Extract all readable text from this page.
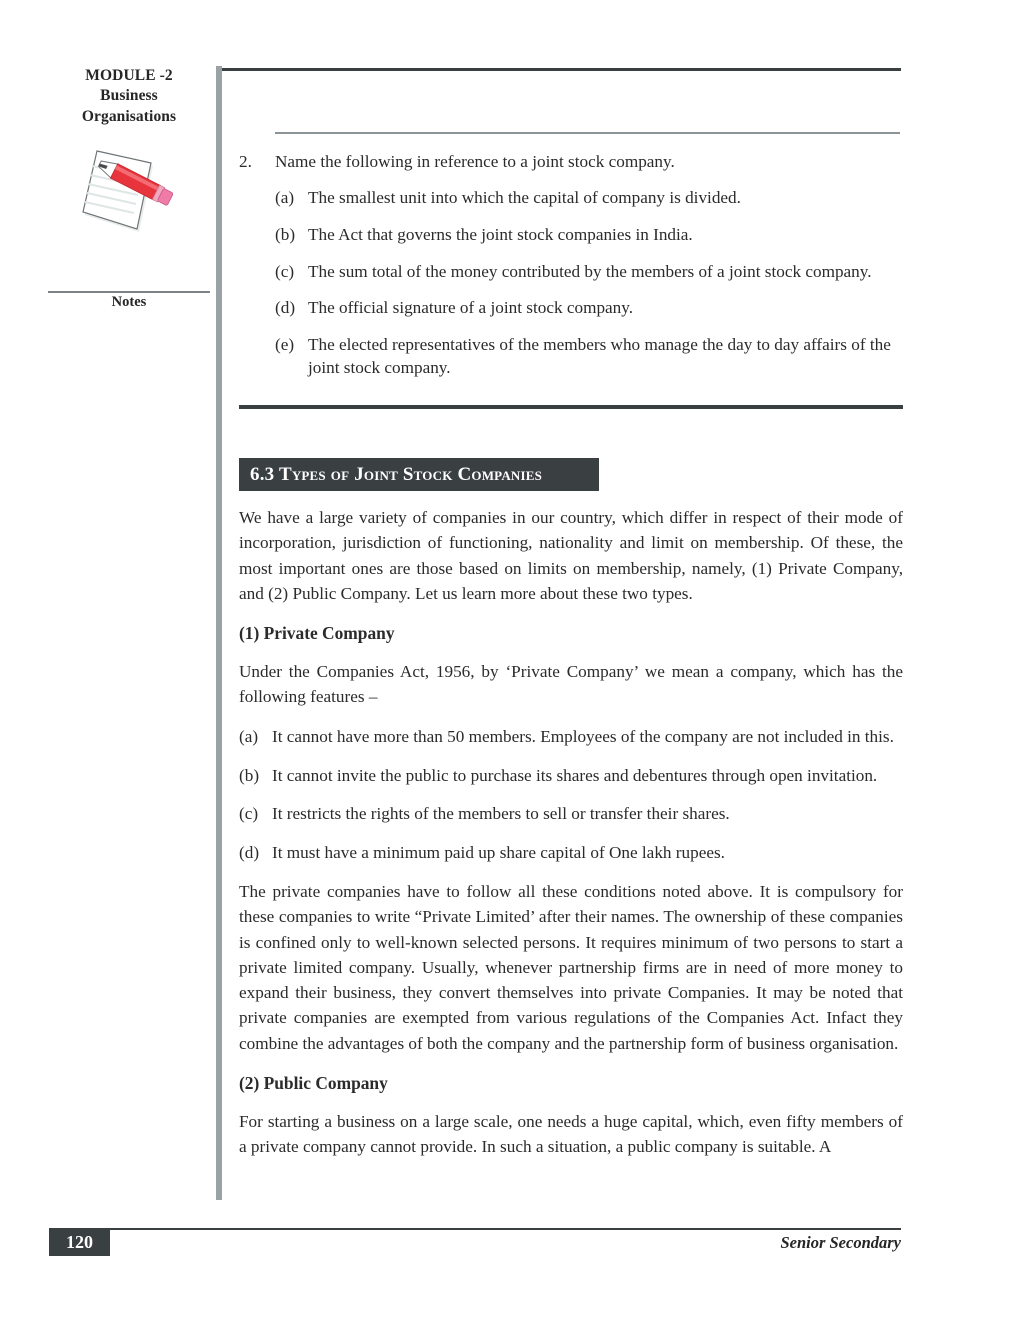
MODULE -2
Business
Organisations
Notes
2.	Name the following in reference to a joint stock company.
(a) The smallest unit into which the capital of company is divided.
(b) The Act that governs the joint stock companies in India.
(c) The sum total of the money contributed by the members of a joint stock company.
(d) The official signature of a joint stock company.
(e) The elected representatives of the members who manage the day to day affairs of the joint stock company.
6.3 Types of Joint Stock Companies

We have a large variety of companies in our country, which differ in respect of their mode of incorporation, jurisdiction of functioning, nationality and limit on membership. Of these, the most important ones are those based on limits on membership, namely, (1) Private Company, and (2) Public Company. Let us learn more about these two types.

(1) Private Company

Under the Companies Act, 1956, by ‘Private Company’ we mean a company, which has the following features –

(a) It cannot have more than 50 members. Employees of the company are not included in this.
(b) It cannot invite the public to purchase its shares and debentures through open invitation.
(c) It restricts the rights of the members to sell or transfer their shares.
(d) It must have a minimum paid up share capital of One lakh rupees.

The private companies have to follow all these conditions noted above. It is compulsory for these companies to write “Private Limited’ after their names. The ownership of these companies is confined only to well-known selected persons. It requires minimum of two persons to start a private limited company. Usually, whenever partnership firms are in need of more money to expand their business, they convert themselves into private Companies. It may be noted that private companies are exempted from various regulations of the Companies Act. Infact they combine the advantages of both the company and the partnership form of business organisation.

(2) Public Company

For starting a business on a large scale, one needs a huge capital, which, even fifty members of a private company cannot provide. In such a situation, a public company is suitable. A

120	Senior Secondary
